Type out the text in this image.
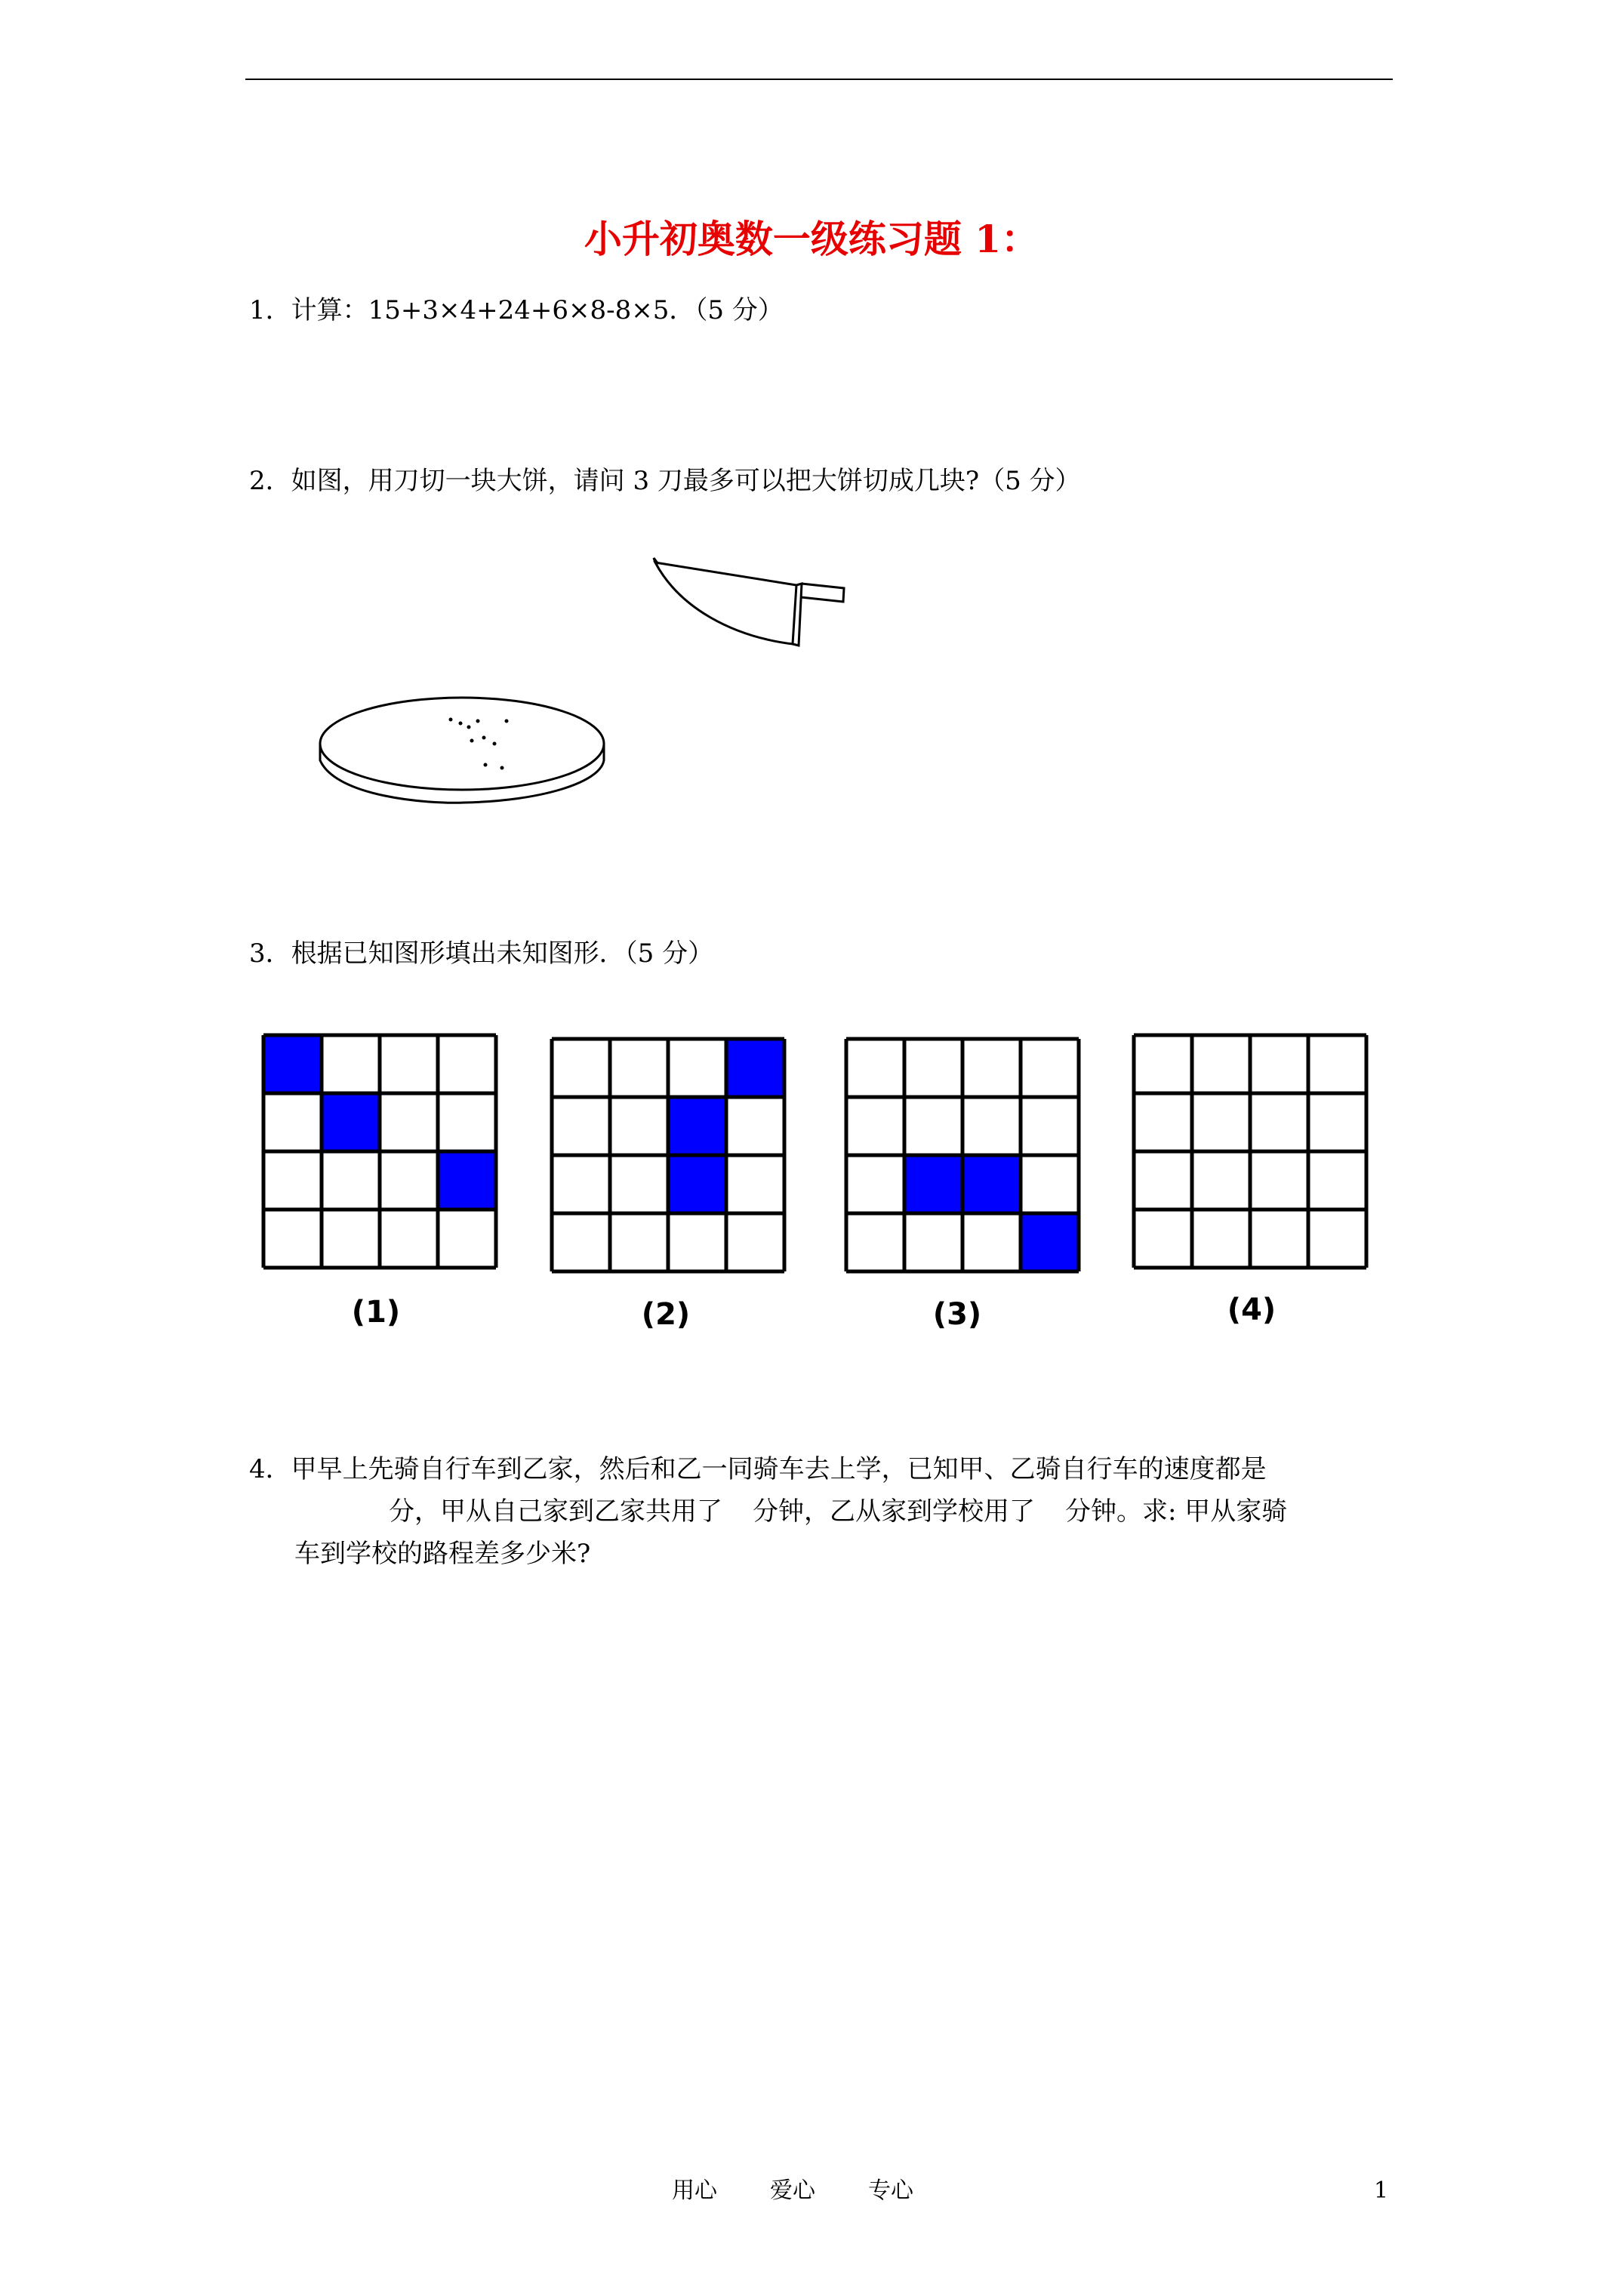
小升初奥数一级练习题 1：
1．计算：15+3×4+24+6×8-8×5．（5 分）
2．如图，用刀切一块大饼，请问 3 刀最多可以把大饼切成几块?（5 分）
3．根据已知图形填出未知图形．（5 分）
(1)	(2)	(3)	(4)
4．甲早上先骑自行车到乙家，然后和乙一同骑车去上学，已知甲、乙骑自行车的速度都是
分，甲从自己家到乙家共用了 分钟，乙从家到学校用了 分钟。求: 甲从家骑
车到学校的路程差多少米?
用心 爱心 专心	1
